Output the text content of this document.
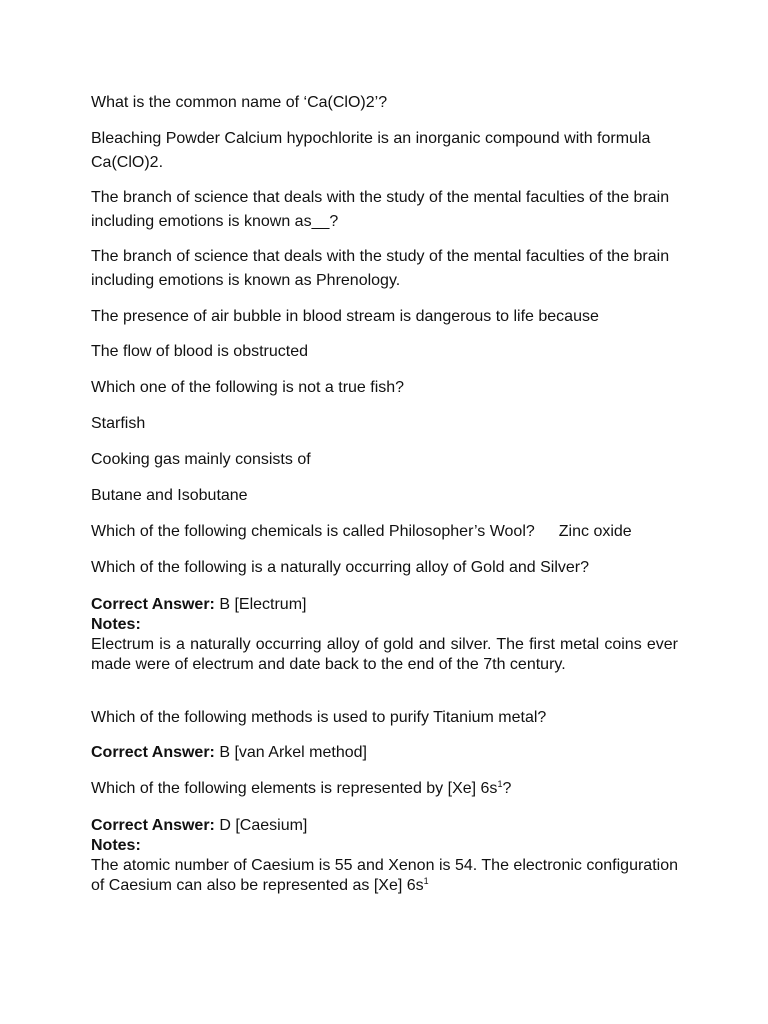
What is the common name of ‘Ca(ClO)2’?

Bleaching Powder Calcium hypochlorite is an inorganic compound with formula Ca(ClO)2.

The branch of science that deals with the study of the mental faculties of the brain including emotions is known as__?

The branch of science that deals with the study of the mental faculties of the brain including emotions is known as Phrenology.

The presence of air bubble in blood stream is dangerous to life because

The flow of blood is obstructed

Which one of the following is not a true fish?

Starfish

Cooking gas mainly consists of

Butane and Isobutane

Which of the following chemicals is called Philosopher’s Wool? Zinc oxide

Which of the following is a naturally occurring alloy of Gold and Silver?

Correct Answer: B [Electrum]

Notes:

Electrum is a naturally occurring alloy of gold and silver. The first metal coins ever made were of electrum and date back to the end of the 7th century.

Which of the following methods is used to purify Titanium metal?

Correct Answer: B [van Arkel method]

Which of the following elements is represented by [Xe] $6s^1$?

Correct Answer: D [Caesium]

Notes:

The atomic number of Caesium is 55 and Xenon is 54. The electronic configuration of Caesium can also be represented as [Xe] $6s^1$
